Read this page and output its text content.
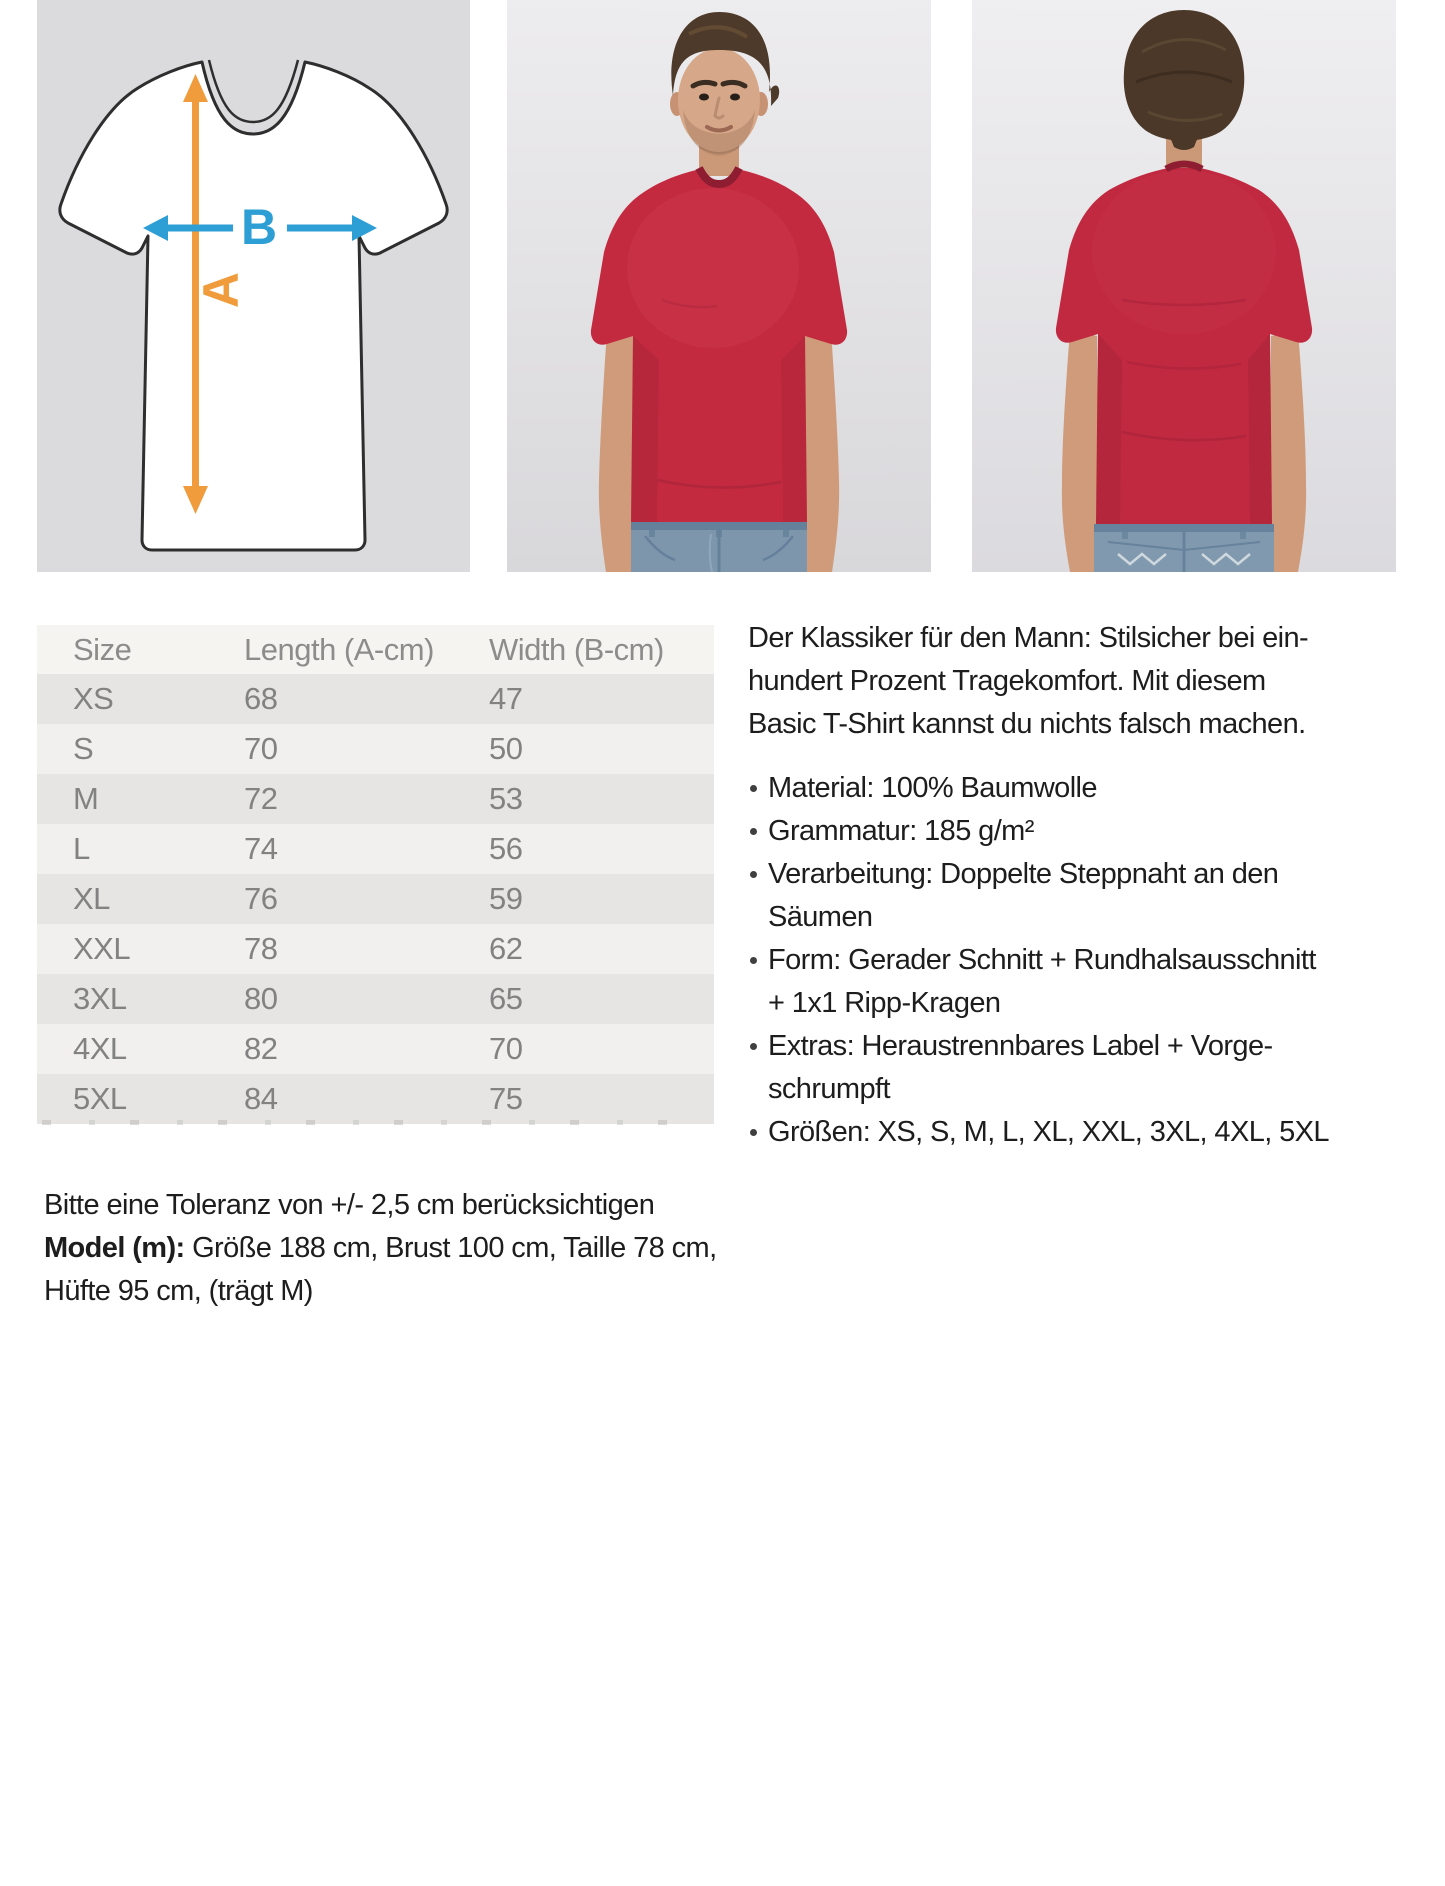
A
B
Size	Length (A-cm)	Width (B-cm)
XS	68	47
S	70	50
M	72	53
L	74	56
XL	76	59
XXL	78	62
3XL	80	65
4XL	82	70
5XL	84	75

Bitte eine Toleranz von +/- 2,5 cm berücksichtigen

Model (m): Größe 188 cm, Brust 100 cm, Taille 78 cm, Hüfte 95 cm, (trägt M)

Der Klassiker für den Mann: Stilsicher bei ein-
hundert Prozent Tragekomfort. Mit diesem
Basic T-Shirt kannst du nichts falsch machen.

Material: 100% Baumwolle
Grammatur: 185 g/m²
Verarbeitung: Doppelte Steppnaht an den
Säumen
Form: Gerader Schnitt + Rundhalsausschnitt
+ 1x1 Ripp-Kragen
Extras: Heraustrennbares Label + Vorge-
schrumpft
Größen: XS, S, M, L, XL, XXL, 3XL, 4XL, 5XL
